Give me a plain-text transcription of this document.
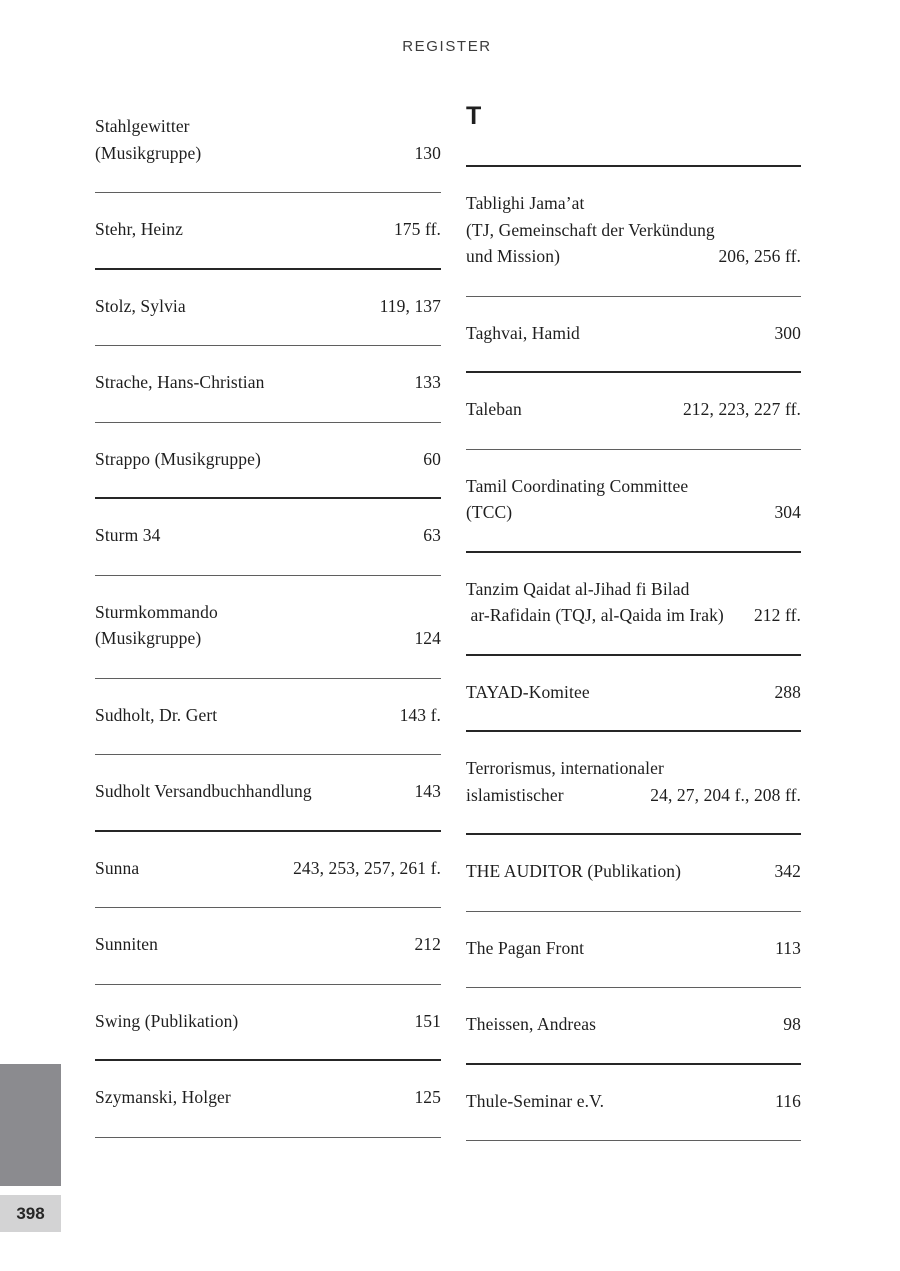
REGISTER
Stahlgewitter
(Musikgruppe)	130
Stehr, Heinz	175 ff.
Stolz, Sylvia	119, 137
Strache, Hans-Christian	133
Strappo (Musikgruppe)	60
Sturm 34	63
Sturmkommando
(Musikgruppe)	124
Sudholt, Dr. Gert	143 f.
Sudholt Versandbuchhandlung	143
Sunna	243, 253, 257, 261 f.
Sunniten	212
Swing (Publikation)	151
Szymanski, Holger	125
T
Tablighi Jama’at
(TJ, Gemeinschaft der Verkündung
und Mission)	206, 256 ff.
Taghvai, Hamid	300
Taleban	212, 223, 227 ff.
Tamil Coordinating Committee
(TCC)	304
Tanzim Qaidat al-Jihad fi Bilad
ar-Rafidain (TQJ, al-Qaida im Irak)	212 ff.
TAYAD-Komitee	288
Terrorismus, internationaler
islamistischer	24, 27, 204 f., 208 ff.
THE AUDITOR (Publikation)	342
The Pagan Front	113
Theissen, Andreas	98
Thule-Seminar e.V.	116
398
